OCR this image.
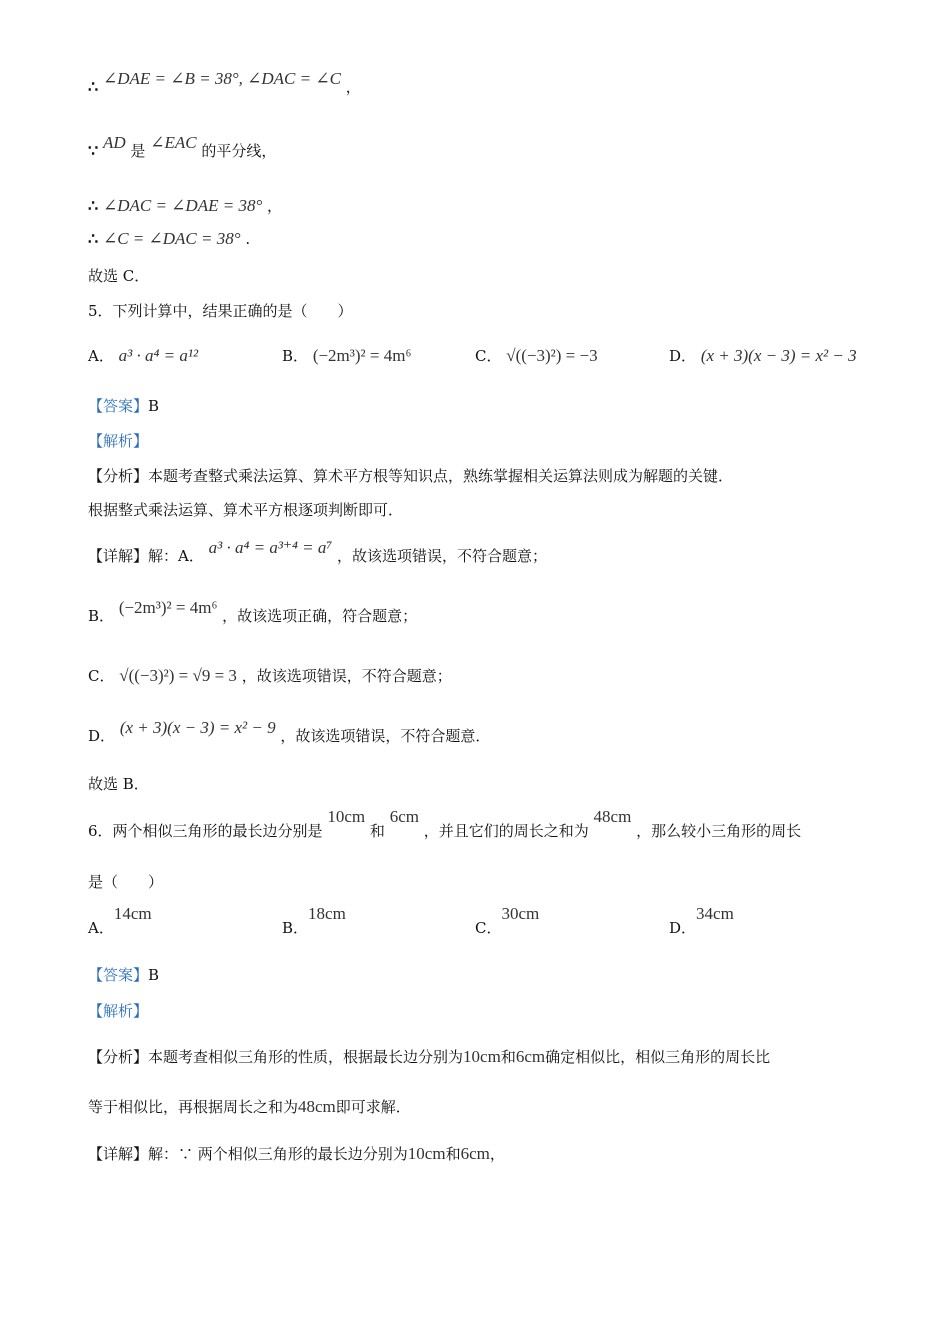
∴ ∠DAE = ∠B = 38°, ∠DAC = ∠C ，
∵ AD 是 ∠EAC 的平分线，
∴ ∠DAC = ∠DAE = 38° ，
∴ ∠C = ∠DAC = 38° .
故选 C．
5．下列计算中，结果正确的是（　　）
A． a³ · a⁴ = a¹²	B． (−2m³)² = 4m⁶	C． √((−3)²) = −3	D． (x + 3)(x − 3) = x² − 3
【答案】B
【解析】
【分析】本题考查整式乘法运算、算术平方根等知识点，熟练掌握相关运算法则成为解题的关键．
根据整式乘法运算、算术平方根逐项判断即可．
【详解】解：A． a³ · a⁴ = a³⁺⁴ = a⁷ ，故该选项错误，不符合题意；
B． (−2m³)² = 4m⁶ ，故该选项正确，符合题意；
C． √((−3)²) = √9 = 3 ，故该选项错误，不符合题意；
D． (x + 3)(x − 3) = x² − 9 ，故该选项错误，不符合题意．
故选 B．
6．两个相似三角形的最长边分别是 10cm 和 6cm ，并且它们的周长之和为 48cm ，那么较小三角形的周长
是（　　）
A．14cm
B．18cm
C．30cm
D．34cm
【答案】B
【解析】
【分析】本题考查相似三角形的性质，根据最长边分别为10cm和6cm确定相似比，相似三角形的周长比
等于相似比，再根据周长之和为48cm即可求解．
【详解】解：∵ 两个相似三角形的最长边分别为10cm和6cm，
